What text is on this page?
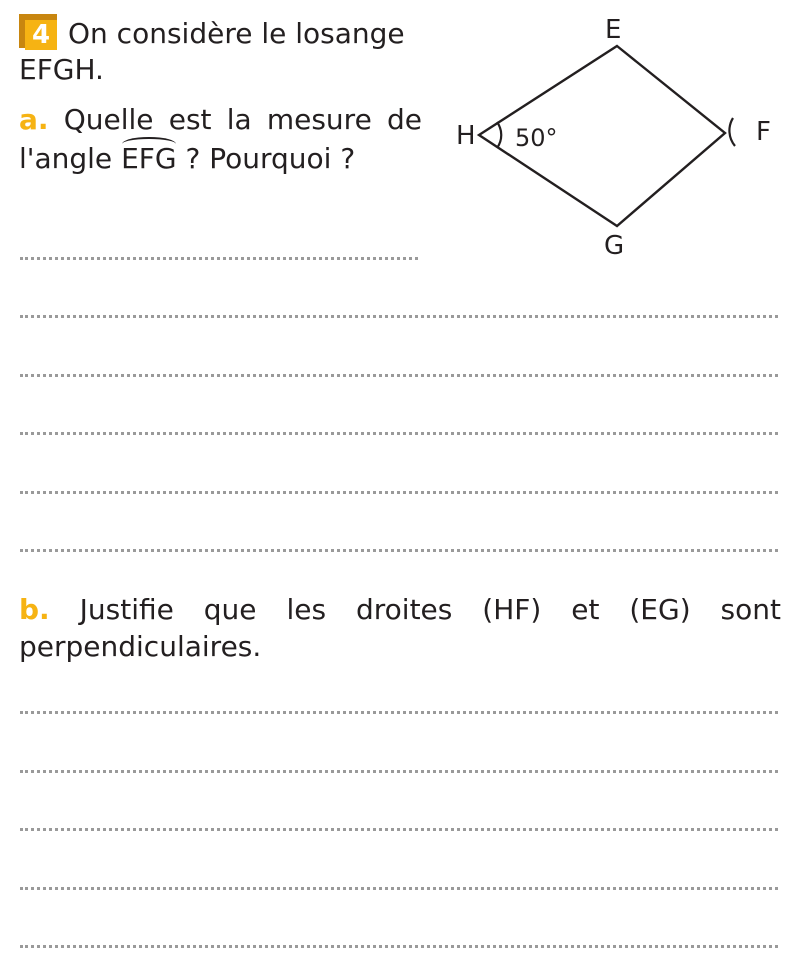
4 On considère le losange
EFGH.
a. Quelle est la mesure de
l'angle EFG ? Pourquoi ?
E
F
G
H 50°
b. Justifie que les droites (HF) et (EG) sont
perpendiculaires.
